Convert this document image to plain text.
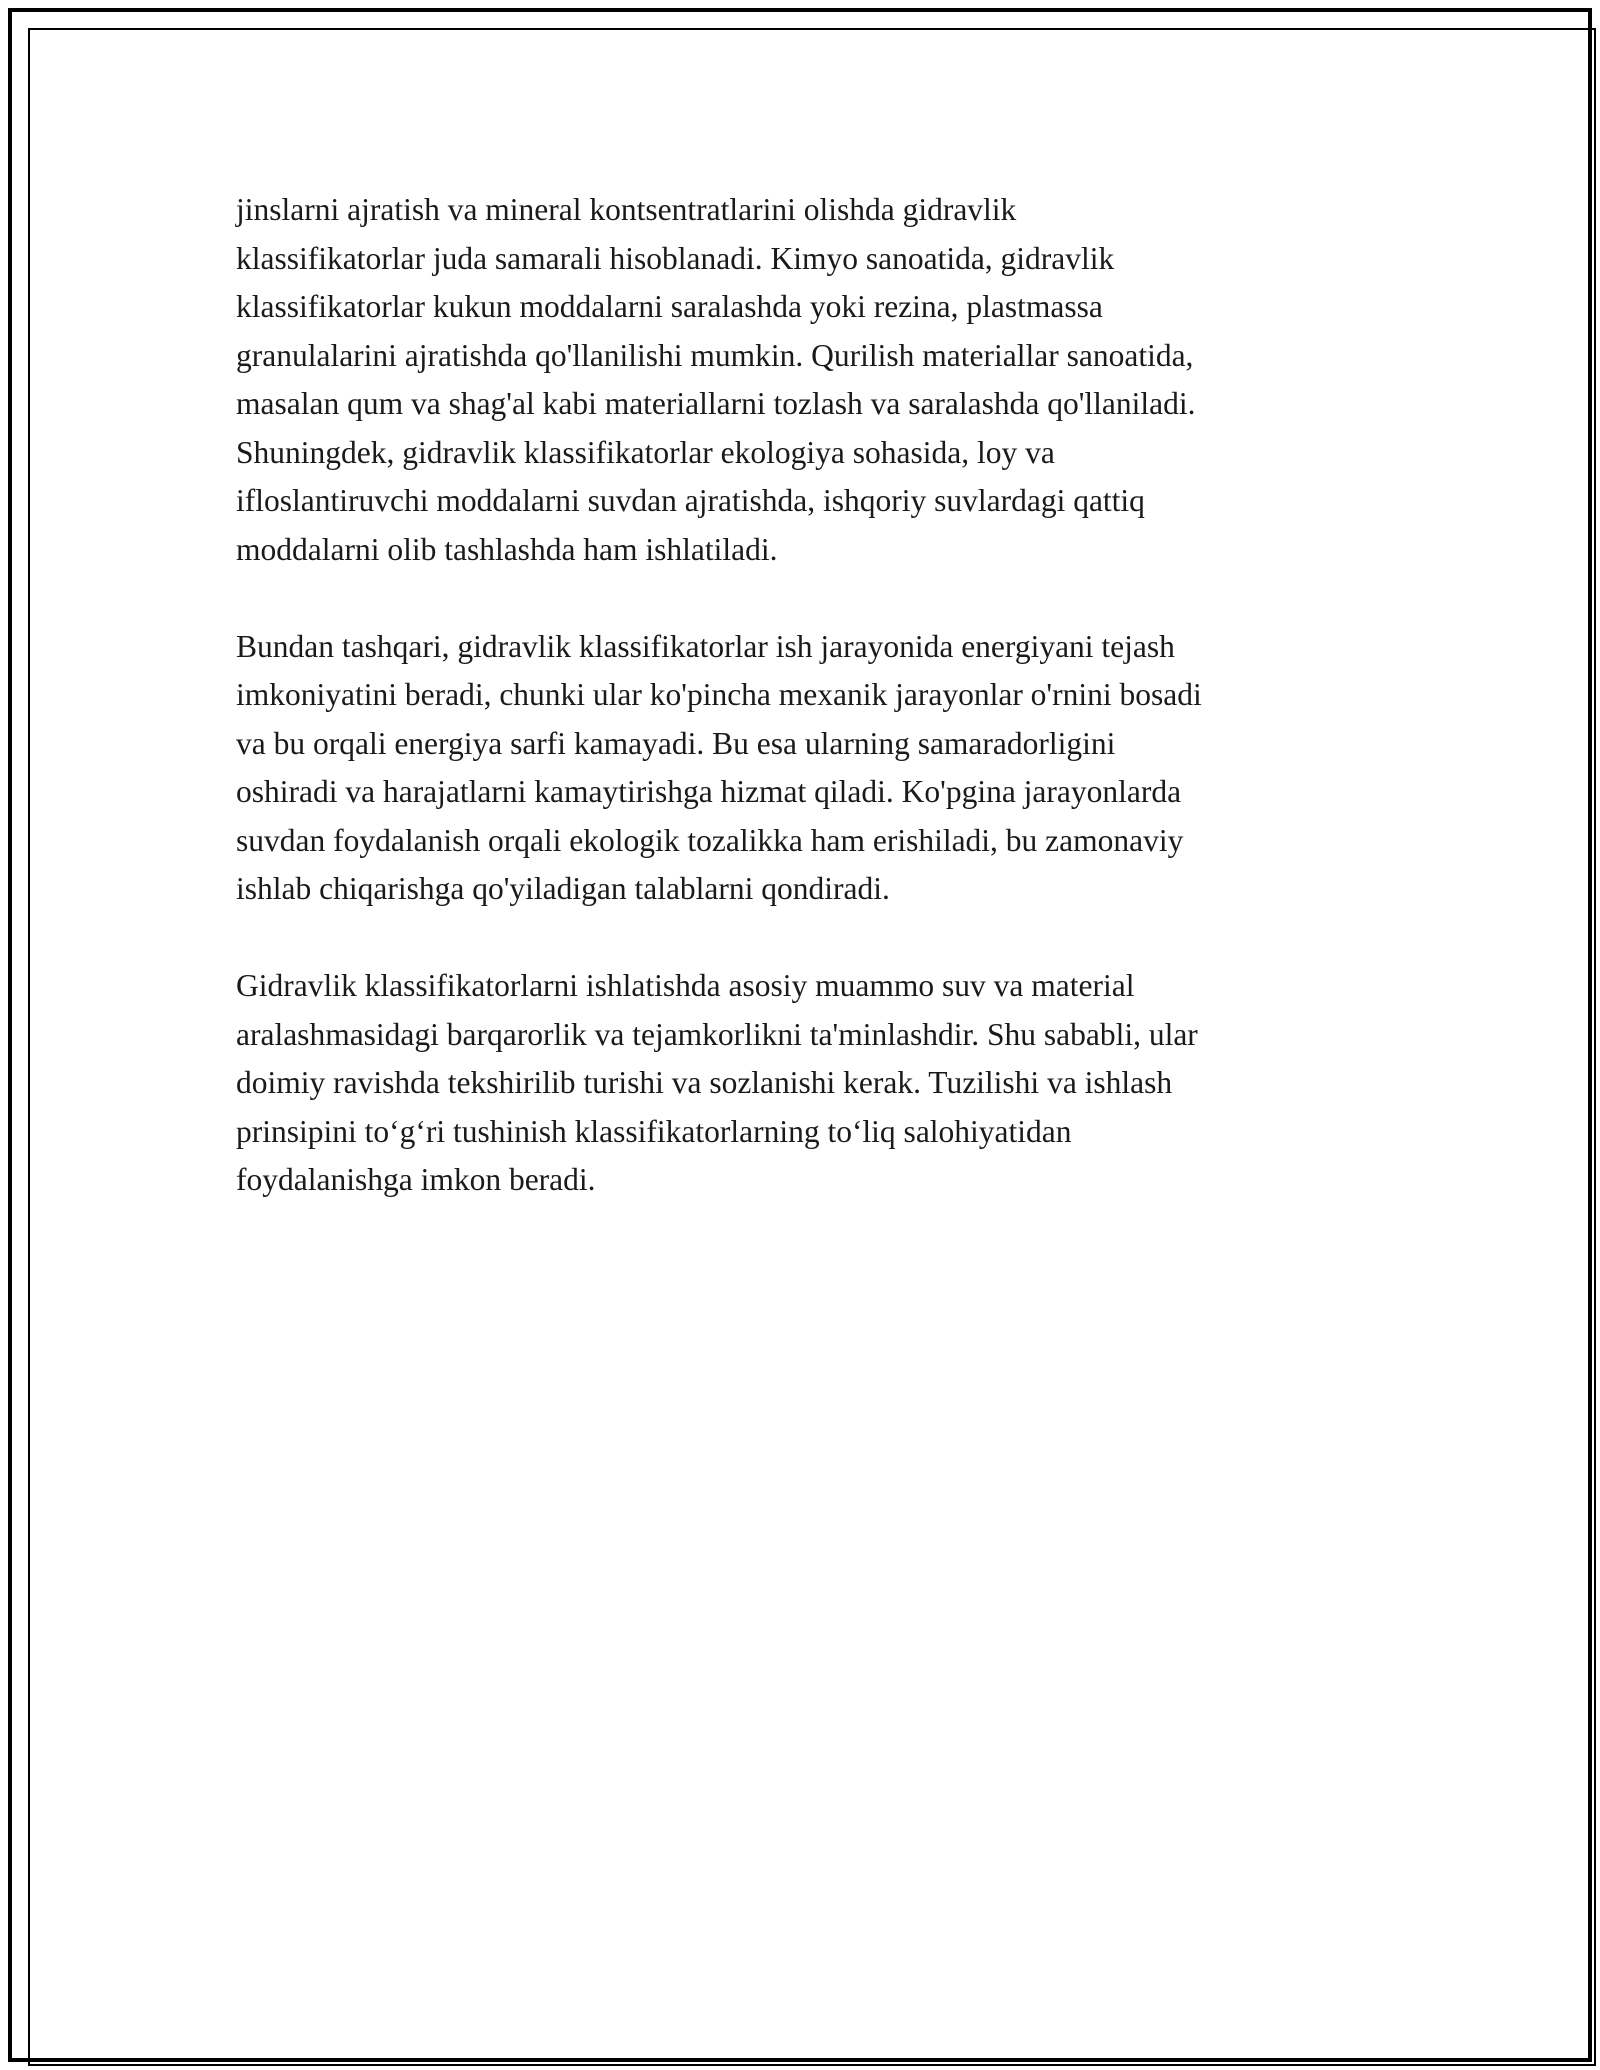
jinslarni ajratish va mineral kontsentratlarini olishda gidravlik
klassifikatorlar juda samarali hisoblanadi. Kimyo sanoatida, gidravlik
klassifikatorlar kukun moddalarni saralashda yoki rezina, plastmassa
granulalarini ajratishda qo'llanilishi mumkin. Qurilish materiallar sanoatida,
masalan qum va shag'al kabi materiallarni tozlash va saralashda qo'llaniladi.
Shuningdek, gidravlik klassifikatorlar ekologiya sohasida, loy va
ifloslantiruvchi moddalarni suvdan ajratishda, ishqoriy suvlardagi qattiq
moddalarni olib tashlashda ham ishlatiladi.

Bundan tashqari, gidravlik klassifikatorlar ish jarayonida energiyani tejash
imkoniyatini beradi, chunki ular ko'pincha mexanik jarayonlar o'rnini bosadi
va bu orqali energiya sarfi kamayadi. Bu esa ularning samaradorligini
oshiradi va harajatlarni kamaytirishga hizmat qiladi. Ko'pgina jarayonlarda
suvdan foydalanish orqali ekologik tozalikka ham erishiladi, bu zamonaviy
ishlab chiqarishga qo'yiladigan talablarni qondiradi.

Gidravlik klassifikatorlarni ishlatishda asosiy muammo suv va material
aralashmasidagi barqarorlik va tejamkorlikni ta'minlashdir. Shu sababli, ular
doimiy ravishda tekshirilib turishi va sozlanishi kerak. Tuzilishi va ishlash
prinsipini to‘g‘ri tushinish klassifikatorlarning to‘liq salohiyatidan
foydalanishga imkon beradi.
